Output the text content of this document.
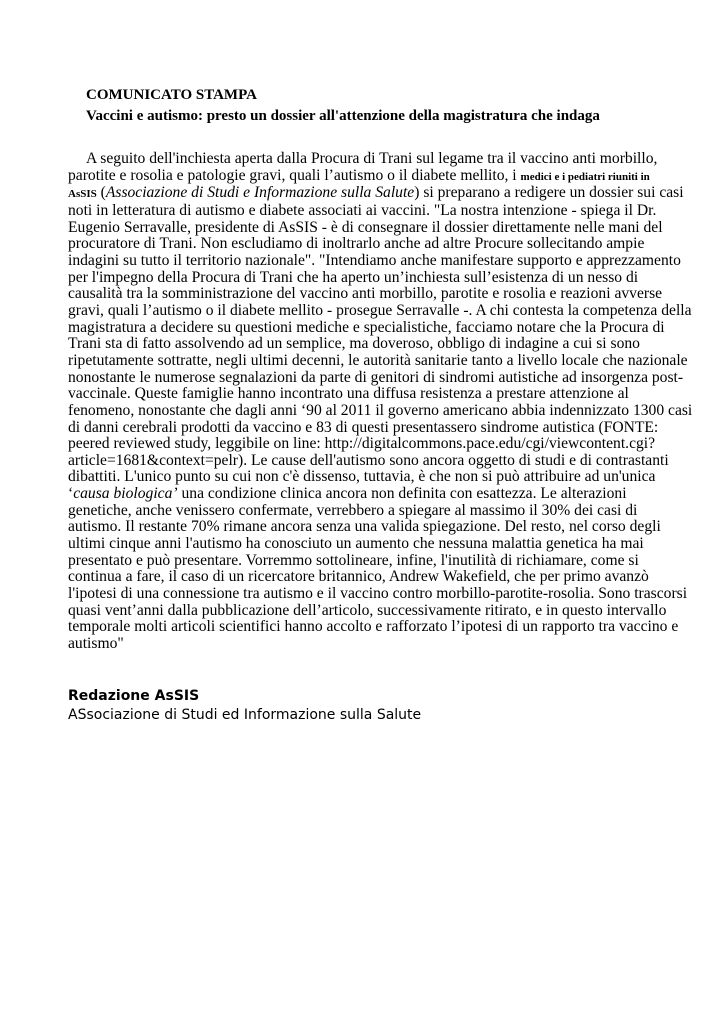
COMUNICATO STAMPA
Vaccini e autismo: presto un dossier all'attenzione della magistratura che indaga
A seguito dell'inchiesta aperta dalla Procura di Trani sul legame tra il vaccino anti morbillo,
parotite e rosolia e patologie gravi, quali l’autismo o il diabete mellito, i medici e i pediatri riuniti in
AsSIS (Associazione di Studi e Informazione sulla Salute) si preparano a redigere un dossier sui casi
noti in letteratura di autismo e diabete associati ai vaccini. "La nostra intenzione - spiega il Dr.
Eugenio Serravalle, presidente di AsSIS - è di consegnare il dossier direttamente nelle mani del
procuratore di Trani. Non escludiamo di inoltrarlo anche ad altre Procure sollecitando ampie
indagini su tutto il territorio nazionale". "Intendiamo anche manifestare supporto e apprezzamento
per l'impegno della Procura di Trani che ha aperto un’inchiesta sull’esistenza di un nesso di
causalità tra la somministrazione del vaccino anti morbillo, parotite e rosolia e reazioni avverse
gravi, quali l’autismo o il diabete mellito - prosegue Serravalle -. A chi contesta la competenza della
magistratura a decidere su questioni mediche e specialistiche, facciamo notare che la Procura di
Trani sta di fatto assolvendo ad un semplice, ma doveroso, obbligo di indagine a cui si sono
ripetutamente sottratte, negli ultimi decenni, le autorità sanitarie tanto a livello locale che nazionale
nonostante le numerose segnalazioni da parte di genitori di sindromi autistiche ad insorgenza post-
vaccinale. Queste famiglie hanno incontrato una diffusa resistenza a prestare attenzione al
fenomeno, nonostante che dagli anni ‘90 al 2011 il governo americano abbia indennizzato 1300 casi
di danni cerebrali prodotti da vaccino e 83 di questi presentassero sindrome autistica (FONTE:
peered reviewed study, leggibile on line: http://digitalcommons.pace.edu/cgi/viewcontent.cgi?
article=1681&context=pelr). Le cause dell'autismo sono ancora oggetto di studi e di contrastanti
dibattiti. L'unico punto su cui non c'è dissenso, tuttavia, è che non si può attribuire ad un'unica
‘causa biologica’ una condizione clinica ancora non definita con esattezza. Le alterazioni
genetiche, anche venissero confermate, verrebbero a spiegare al massimo il 30% dei casi di
autismo. Il restante 70% rimane ancora senza una valida spiegazione. Del resto, nel corso degli
ultimi cinque anni l'autismo ha conosciuto un aumento che nessuna malattia genetica ha mai
presentato e può presentare. Vorremmo sottolineare, infine, l'inutilità di richiamare, come si
continua a fare, il caso di un ricercatore britannico, Andrew Wakefield, che per primo avanzò
l'ipotesi di una connessione tra autismo e il vaccino contro morbillo-parotite-rosolia. Sono trascorsi
quasi vent’anni dalla pubblicazione dell’articolo, successivamente ritirato, e in questo intervallo
temporale molti articoli scientifici hanno accolto e rafforzato l’ipotesi di un rapporto tra vaccino e
autismo"
Redazione AsSIS
ASsociazione di Studi ed Informazione sulla Salute
